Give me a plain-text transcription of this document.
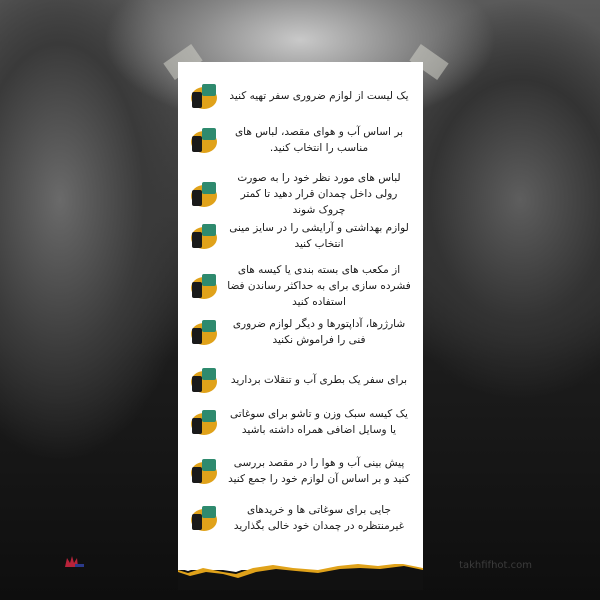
یک لیست از لوازم ضروری سفر تهیه کنید
بر اساس آب و هوای مقصد، لباس های مناسب را انتخاب کنید.
لباس های مورد نظر خود را به صورت رولی داخل چمدان قرار دهید تا کمتر چروک شوند
لوازم بهداشتی و آرایشی را در سایز مینی انتخاب کنید
از مکعب های بسته بندی یا کیسه های فشرده سازی برای به حداکثر رساندن فضا استفاده کنید
شارژرها، آداپتورها و دیگر لوازم ضروری فنی را فراموش نکنید
برای سفر یک بطری آب و تنقلات بردارید
یک کیسه سبک وزن و تاشو برای سوغاتی یا وسایل اضافی همراه داشته باشید
پیش بینی آب و هوا را در مقصد بررسی کنید و بر اساس آن لوازم خود را جمع کنید
جایی برای سوغاتی ها و خریدهای غیرمنتظره در چمدان خود خالی بگذارید
takhfifhot.com
